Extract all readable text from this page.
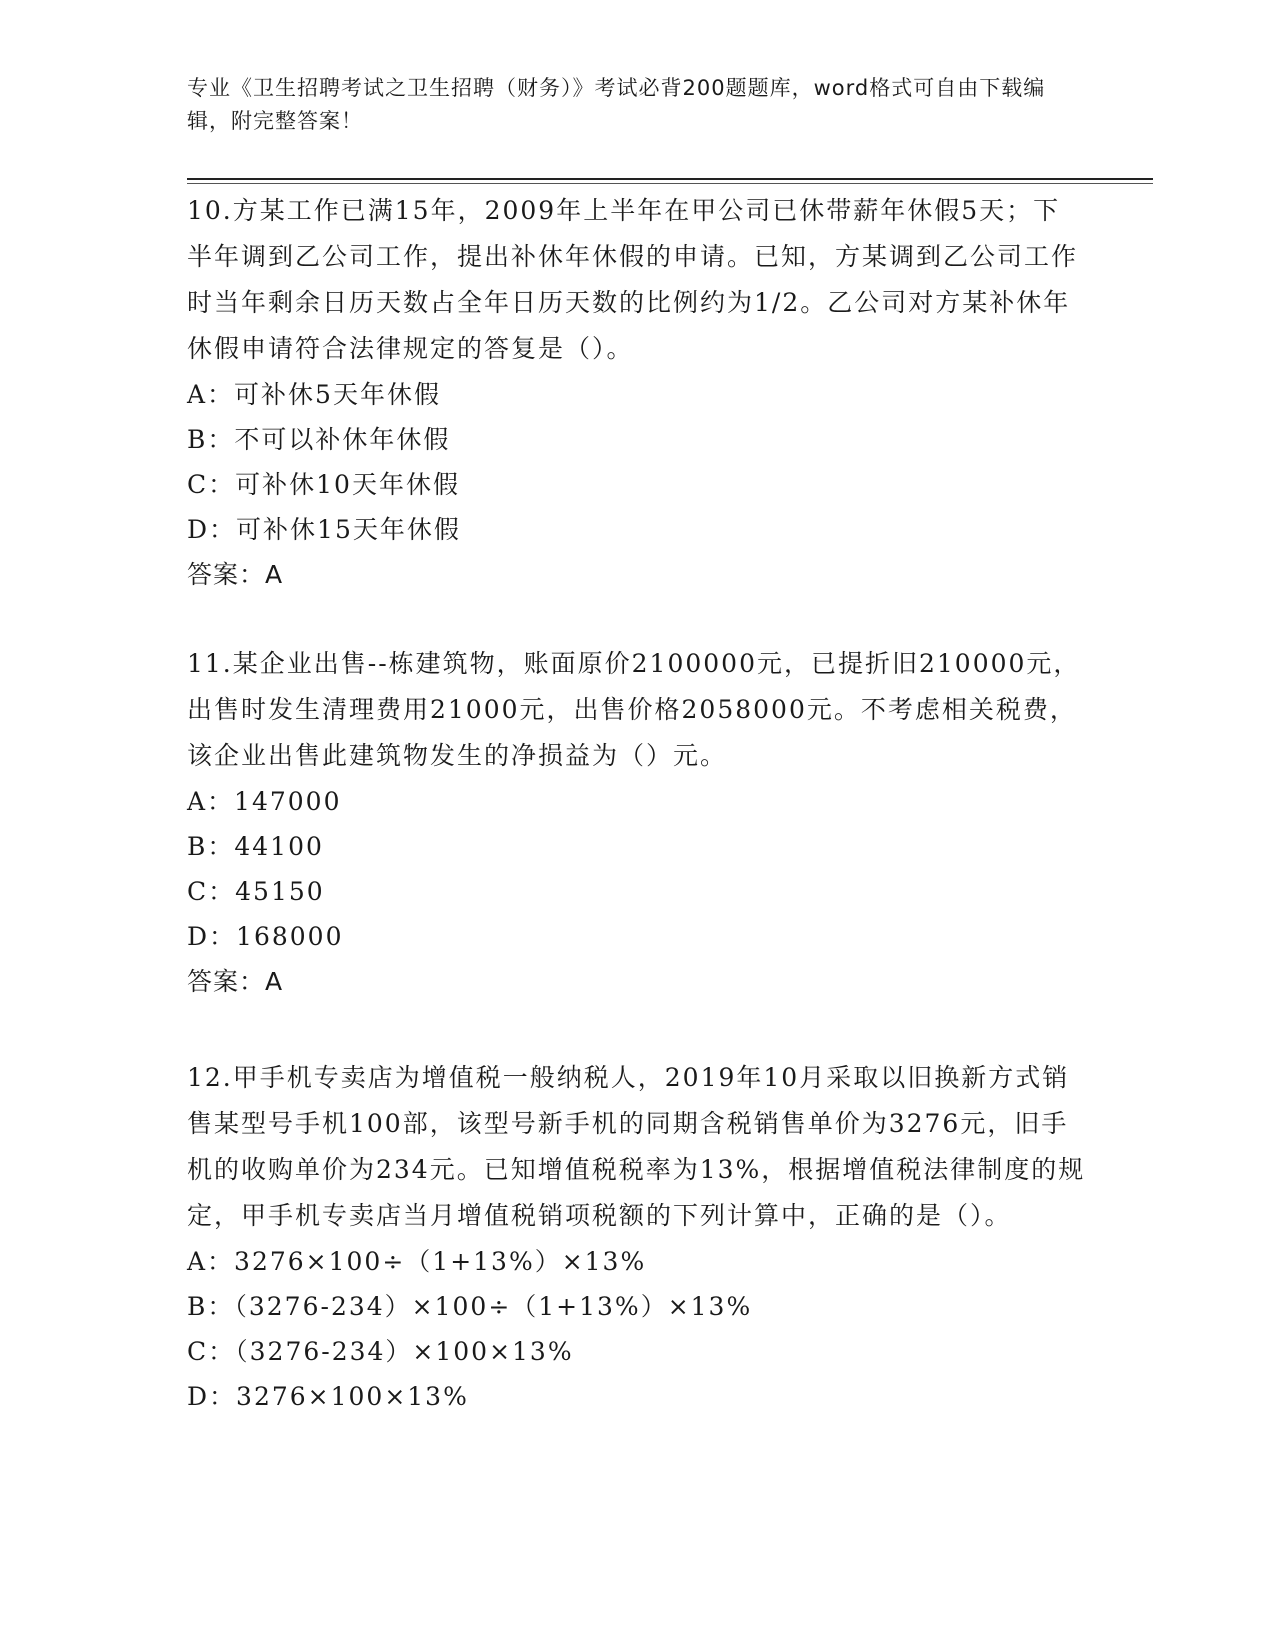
专业《卫生招聘考试之卫生招聘（财务）》考试必背200题题库，word格式可自由下载编辑，附完整答案！

10.方某工作已满15年，2009年上半年在甲公司已休带薪年休假5天；下半年调到乙公司工作，提出补休年休假的申请。已知，方某调到乙公司工作时当年剩余日历天数占全年日历天数的比例约为1/2。乙公司对方某补休年休假申请符合法律规定的答复是（）。

A：可补休5天年休假

B：不可以补休年休假

C：可补休10天年休假

D：可补休15天年休假

答案：A

11.某企业出售--栋建筑物，账面原价2100000元，已提折旧210000元，出售时发生清理费用21000元，出售价格2058000元。不考虑相关税费，该企业出售此建筑物发生的净损益为（）元。

A：147000

B：44100

C：45150

D：168000

答案：A

12.甲手机专卖店为增值税一般纳税人，2019年10月采取以旧换新方式销售某型号手机100部，该型号新手机的同期含税销售单价为3276元，旧手机的收购单价为234元。已知增值税税率为13%，根据增值税法律制度的规定，甲手机专卖店当月增值税销项税额的下列计算中，正确的是（）。

A：3276×100÷（1+13%）×13%

B：（3276-234）×100÷（1+13%）×13%

C：（3276-234）×100×13%

D：3276×100×13%
